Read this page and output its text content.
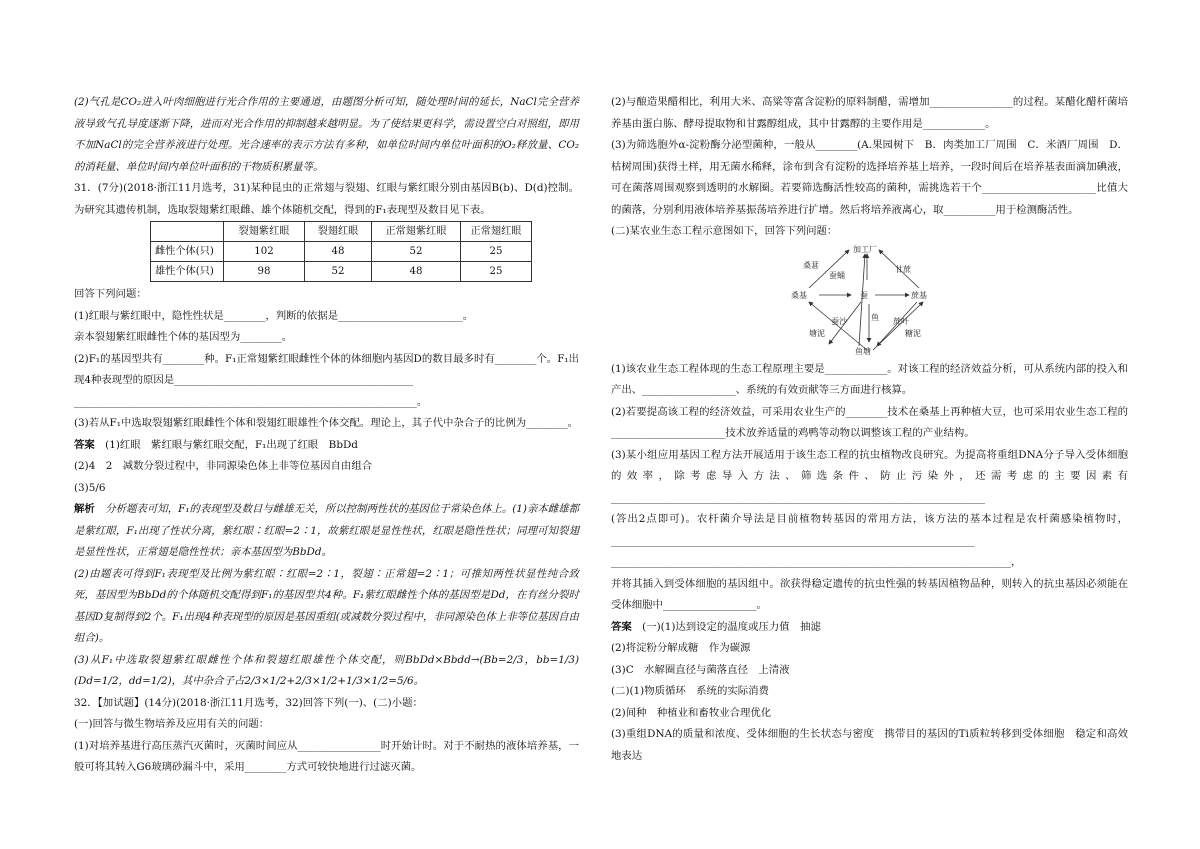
(2)气孔是CO₂进入叶肉细胞进行光合作用的主要通道，由题图分析可知，随处理时间的延长，NaCl完全营养液导致气孔导度逐渐下降，进而对光合作用的抑制越来越明显。为了使结果更科学，需设置空白对照组，即用不加NaCl的完全营养液进行处理。光合速率的表示方法有多种，如单位时间内单位叶面积的O₂释放量、CO₂的消耗量、单位时间内单位叶面积的干物质积累量等。

31．(7分)(2018·浙江11月选考，31)某种昆虫的正常翅与裂翅、红眼与紫红眼分别由基因B(b)、D(d)控制。为研究其遗传机制，选取裂翅紫红眼雌、雄个体随机交配，得到的F₁表现型及数目见下表。

	裂翅紫红眼	裂翅红眼	正常翅紫红眼	正常翅红眼
雌性个体(只)	102	48	52	25
雄性个体(只)	98	52	48	25

回答下列问题：

(1)红眼与紫红眼中，隐性性状是________，判断的依据是________________________。

亲本裂翅紫红眼雌性个体的基因型为________。

(2)F₁的基因型共有________种。F₁正常翅紫红眼雌性个体的体细胞内基因D的数目最多时有________个。F₁出现4种表现型的原因是______________________________________________

__________________________________________________________________。

(3)若从F₁中选取裂翅紫红眼雌性个体和裂翅红眼雄性个体交配。理论上，其子代中杂合子的比例为________。

答案　 (1)红眼　紫红眼与紫红眼交配，F₁出现了红眼　BbDd

(2)4　2　减数分裂过程中，非同源染色体上非等位基因自由组合

(3)5/6

解析　 分析题表可知，F₁的表现型及数目与雌雄无关，所以控制两性状的基因位于常染色体上。(1)亲本雌雄都是紫红眼，F₁出现了性状分离，紫红眼∶红眼=2∶1，故紫红眼是显性性状，红眼是隐性性状；同理可知裂翅是显性性状，正常翅是隐性性状；亲本基因型为BbDd。

(2)由题表可得到F₁表现型及比例为紫红眼∶红眼=2∶1，裂翅∶正常翅=2∶1；可推知两性状显性纯合致死，基因型为BbDd的个体随机交配得到F₁的基因型共4种。F₁紫红眼雌性个体的基因型是Dd，在有丝分裂时基因D复制得到2个。F₁出现4种表现型的原因是基因重组(或减数分裂过程中，非同源染色体上非等位基因自由组合)。

(3)从F₁中选取裂翅紫红眼雌性个体和裂翅红眼雄性个体交配，则BbDd×Bbdd→(Bb=2/3，bb=1/3)(Dd=1/2，dd=1/2)，其中杂合子占2/3×1/2+2/3×1/2+1/3×1/2=5/6。

32．【加试题】(14分)(2018·浙江11月选考，32)回答下列(一)、(二)小题：

(一)回答与微生物培养及应用有关的问题：

(1)对培养基进行高压蒸汽灭菌时，灭菌时间应从________________时开始计时。对于不耐热的液体培养基，一般可将其转入G6玻璃砂漏斗中，采用________方式可较快地进行过滤灭菌。

(2)与酿造果醋相比，利用大米、高粱等富含淀粉的原料制醋，需增加________________的过程。某醋化醋杆菌培养基由蛋白胨、酵母提取物和甘露醇组成，其中甘露醇的主要作用是____________。

(3)为筛选胞外α-淀粉酶分泌型菌种，一般从________(A.果园树下　B．肉类加工厂周围　C．米酒厂周围　D．枯树周围)获得土样，用无菌水稀释，涂布到含有淀粉的选择培养基上培养，一段时间后在培养基表面滴加碘液，可在菌落周围观察到透明的水解圈。若要筛选酶活性较高的菌种，需挑选若干个______________________比值大的菌落，分别利用液体培养基振荡培养进行扩增。然后将培养液离心，取__________用于检测酶活性。

(二)某农业生态工程示意图如下，回答下列问题：

加工厂
桑基	蚕	蔗基
鱼塘
桑葚
蚕蛹
甘蔗
蚕沙	鱼 蔗叶
塘泥	糖泥

(1)该农业生态工程体现的生态工程原理主要是____________。对该工程的经济效益分析，可从系统内部的投入和产出、__________________、系统的有效贡献等三方面进行核算。

(2)若要提高该工程的经济效益，可采用农业生产的________技术在桑基上再种植大豆，也可采用农业生态工程的______________________技术放养适量的鸡鸭等动物以调整该工程的产业结构。

(3)某小组应用基因工程方法开展适用于该生态工程的抗虫植物改良研究。为提高将重组DNA分子导入受体细胞的效率，除考虑导入方法、筛选条件、防止污染外，还需考虑的主要因素有________________________________________________________________________

(答出2点即可)。农杆菌介导法是目前植物转基因的常用方法，该方法的基本过程是农杆菌感染植物时，______________________________________________________________________

_____________________________________________________________________________，

并将其插入到受体细胞的基因组中。欲获得稳定遗传的抗虫性强的转基因植物品种，则转入的抗虫基因必须能在受体细胞中__________________。

答案　 (一)(1)达到设定的温度或压力值　抽滤

(2)将淀粉分解成糖　作为碳源

(3)C　水解圈直径与菌落直径　上清液

(二)(1)物质循环　系统的实际消费

(2)间种　种植业和畜牧业合理优化

(3)重组DNA的质量和浓度、受体细胞的生长状态与密度　携带目的基因的Ti质粒转移到受体细胞　稳定和高效地表达
